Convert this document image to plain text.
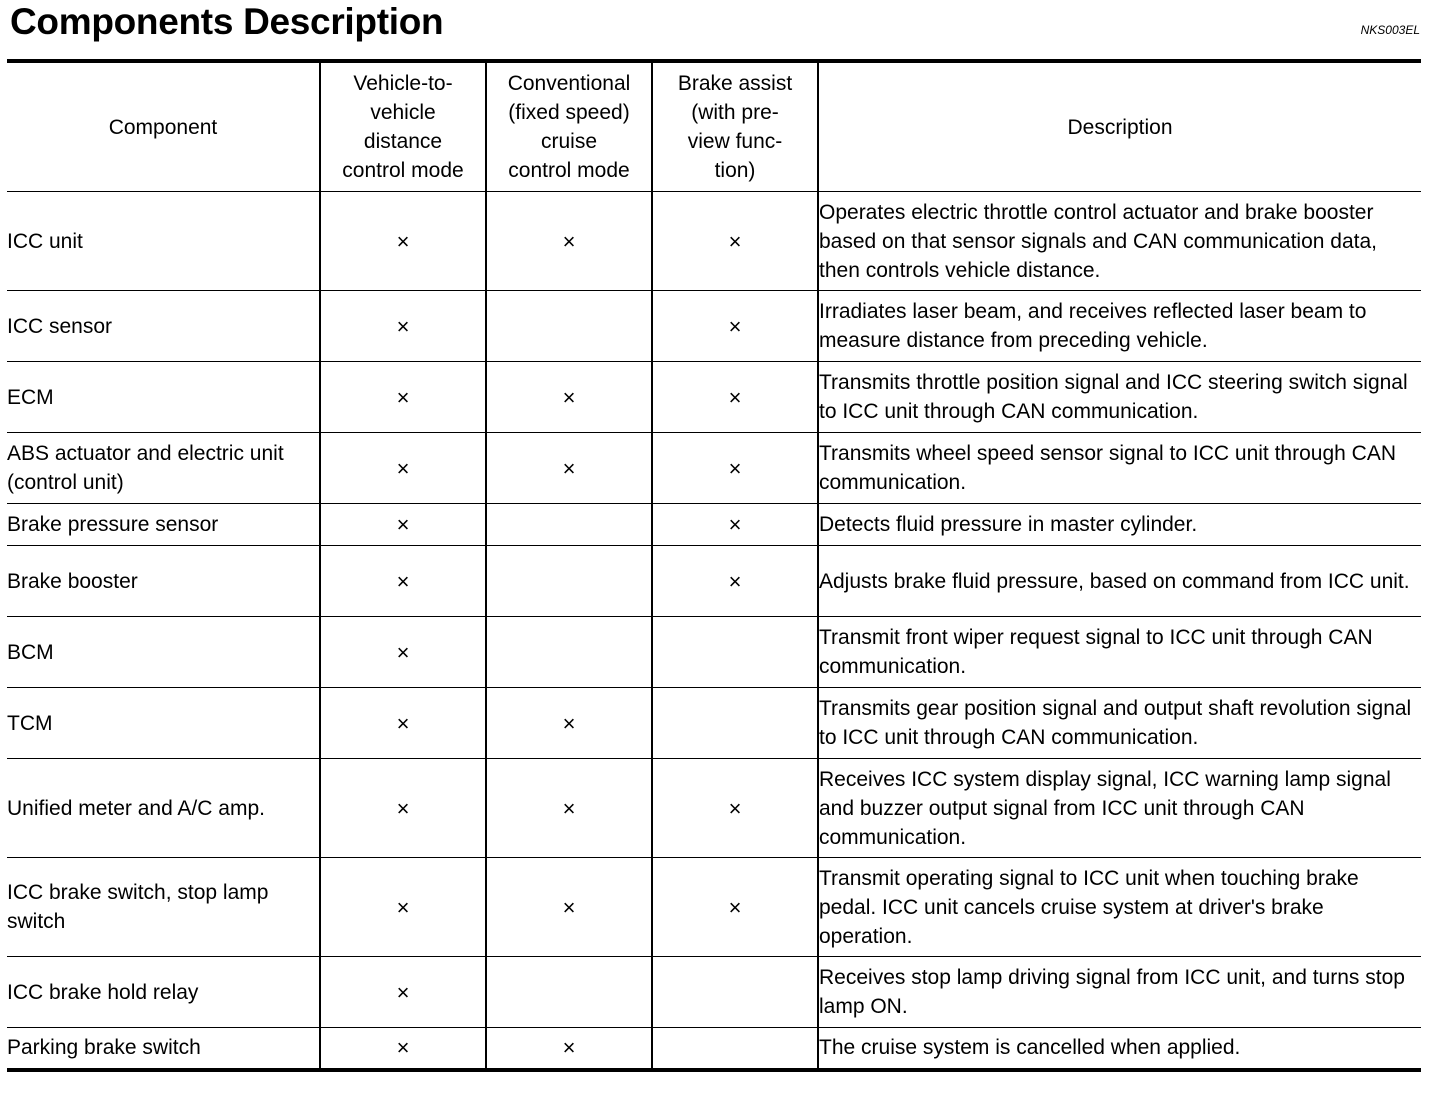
Components Description	NKS003EL
Component	Vehicle-to-
vehicle
distance
control mode	Conventional
(fixed speed)
cruise
control mode	Brake assist
(with pre-
view func-
tion)	Description
ICC unit	×	×	×	Operates electric throttle control actuator and brake booster based on that sensor signals and CAN communication data, then controls vehicle distance.
ICC sensor	×		×	Irradiates laser beam, and receives reflected laser beam to measure distance from preceding vehicle.
ECM	×	×	×	Transmits throttle position signal and ICC steering switch signal to ICC unit through CAN communication.
ABS actuator and electric unit (control unit)	×	×	×	Transmits wheel speed sensor signal to ICC unit through CAN communication.
Brake pressure sensor	×		×	Detects fluid pressure in master cylinder.
Brake booster	×		×	Adjusts brake fluid pressure, based on command from ICC unit.
BCM	×			Transmit front wiper request signal to ICC unit through CAN communication.
TCM	×	×		Transmits gear position signal and output shaft revolution signal to ICC unit through CAN communication.
Unified meter and A/C amp.	×	×	×	Receives ICC system display signal, ICC warning lamp signal and buzzer output signal from ICC unit through CAN communication.
ICC brake switch, stop lamp switch	×	×	×	Transmit operating signal to ICC unit when touching brake pedal. ICC unit cancels cruise system at driver's brake operation.
ICC brake hold relay	×			Receives stop lamp driving signal from ICC unit, and turns stop lamp ON.
Parking brake switch	×	×		The cruise system is cancelled when applied.
